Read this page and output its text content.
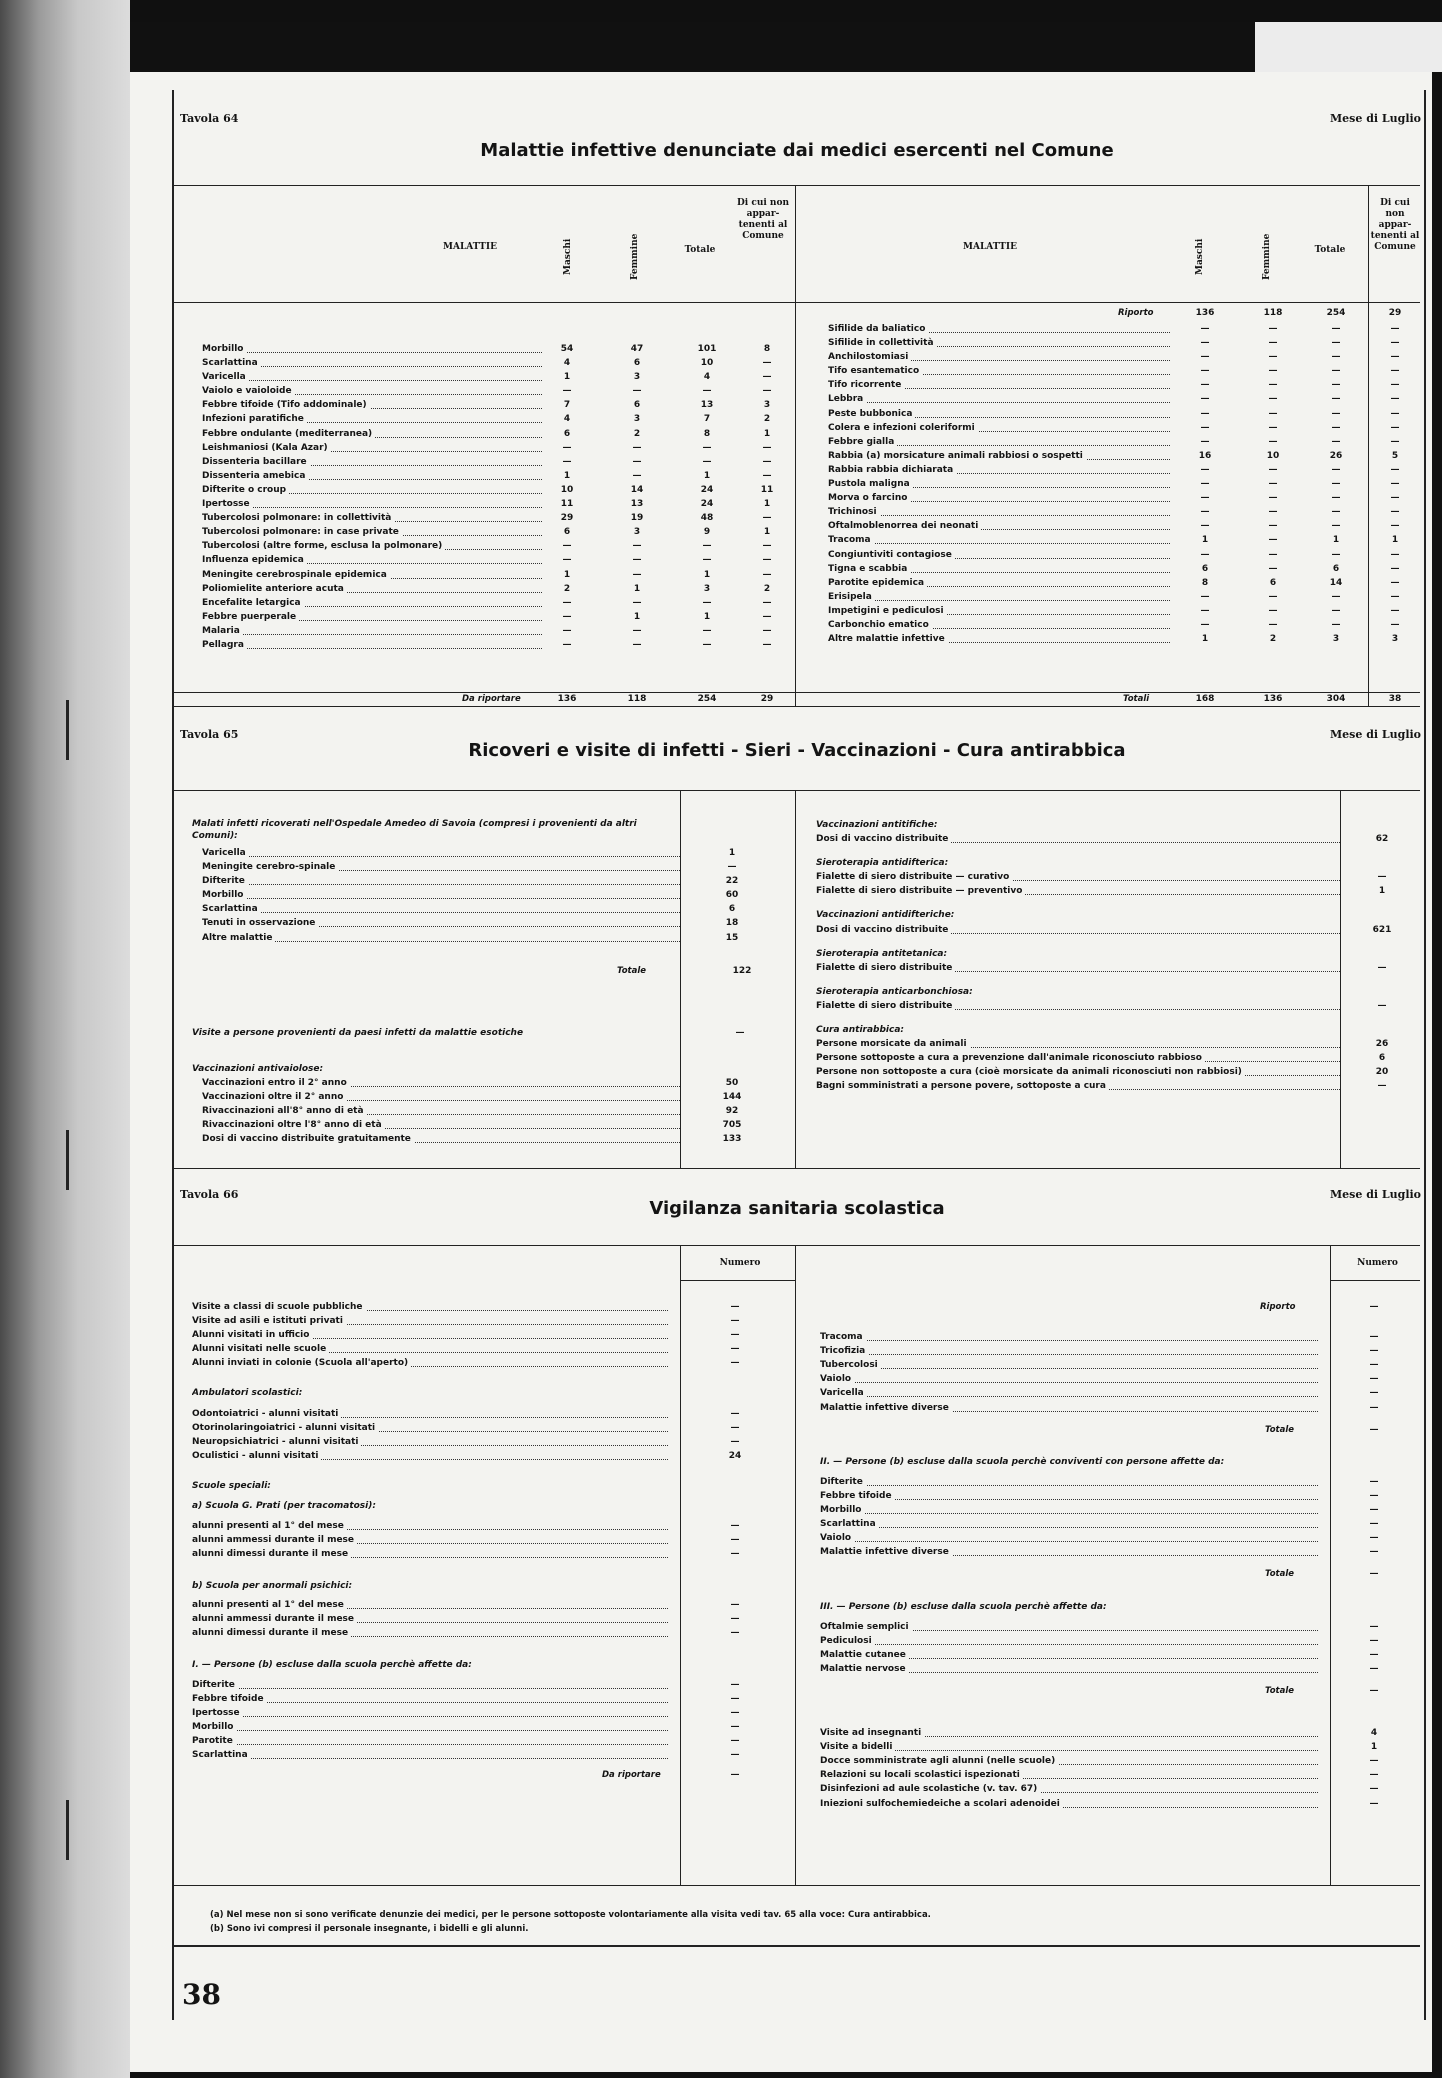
Tavola 64	Mese di Luglio
Malattie infettive denunciate dai medici esercenti nel Comune
MALATTIE	Maschi	Femmine	Totale
Di cui non appar- tenenti al Comune
MALATTIE	Maschi	Femmine	Totale
Di cui non appar- tenenti al Comune
Morbillo	54	47	101	8
Scarlattina	4	6	10	—
Varicella	1	3	4	—
Vaiolo e vaioloide	—	—	—	—
Febbre tifoide (Tifo addominale)	7	6	13	3
Infezioni paratifiche	4	3	7	2
Febbre ondulante (mediterranea)	6	2	8	1
Leishmaniosi (Kala Azar)	—	—	—	—
Dissenteria bacillare	—	—	—	—
Dissenteria amebica	1	—	1	—
Difterite o croup	10	14	24	11
Ipertosse	11	13	24	1
Tubercolosi polmonare: in collettività	29	19	48	—
Tubercolosi polmonare: in case private	6	3	9	1
Tubercolosi (altre forme, esclusa la polmonare)	—	—	—	—
Influenza epidemica	—	—	—	—
Meningite cerebrospinale epidemica	1	—	1	—
Poliomielite anteriore acuta	2	1	3	2
Encefalite letargica	—	—	—	—
Febbre puerperale	—	1	1	—
Malaria	—	—	—	—
Pellagra	—	—	—	—
Sifilide da baliatico	—	—	—	—
Sifilide in collettività	—	—	—	—
Anchilostomiasi	—	—	—	—
Tifo esantematico	—	—	—	—
Tifo ricorrente	—	—	—	—
Lebbra	—	—	—	—
Peste bubbonica	—	—	—	—
Colera e infezioni coleriformi	—	—	—	—
Febbre gialla	—	—	—	—
Rabbia (a) morsicature animali rabbiosi o sospetti	16	10	26	5
Rabbia rabbia dichiarata	—	—	—	—
Pustola maligna	—	—	—	—
Morva o farcino	—	—	—	—
Trichinosi	—	—	—	—
Oftalmoblenorrea dei neonati	—	—	—	—
Tracoma	1	—	1	1
Congiuntiviti contagiose	—	—	—	—
Tigna e scabbia	6	—	6	—
Parotite epidemica	8	6	14	—
Erisipela	—	—	—	—
Impetigini e pediculosi	—	—	—	—
Carbonchio ematico	—	—	—	—
Altre malattie infettive	1	2	3	3
Da riportare	136	118	254	29
Riporto	136	118	254	29
Totali	168	136	304	38
Tavola 65	Mese di Luglio
Ricoveri e visite di infetti - Sieri - Vaccinazioni - Cura antirabbica
Malati infetti ricoverati nell'Ospedale Amedeo di Savoia (compresi i provenienti da altri Comuni):
Varicella	1
Meningite cerebro-spinale	—
Difterite	22
Morbillo	60
Scarlattina	6
Tenuti in osservazione	18
Altre malattie	15
Totale	122
Visite a persone provenienti da paesi infetti da malattie esotiche	—
Vaccinazioni antivaiolose:
Vaccinazioni entro il 2° anno	50
Vaccinazioni oltre il 2° anno	144
Rivaccinazioni all'8° anno di età	92
Rivaccinazioni oltre l'8° anno di età	705
Dosi di vaccino distribuite gratuitamente	133
Vaccinazioni antitifiche:
Dosi di vaccino distribuite	62
Sieroterapia antidifterica:
Fialette di siero distribuite — curativo	—
Fialette di siero distribuite — preventivo	1
Vaccinazioni antidifteriche:
Dosi di vaccino distribuite	621
Sieroterapia antitetanica:
Fialette di siero distribuite	—
Sieroterapia anticarbonchiosa:
Fialette di siero distribuite	—
Cura antirabbica:
Persone morsicate da animali	26
Persone sottoposte a cura a prevenzione dall'animale riconosciuto rabbioso	6
Persone non sottoposte a cura (cioè morsicate da animali riconosciuti non rabbiosi)	20
Bagni somministrati a persone povere, sottoposte a cura	—
Tavola 66	Mese di Luglio
Vigilanza sanitaria scolastica
Numero	Numero
Visite a classi di scuole pubbliche	—
Visite ad asili e istituti privati	—
Alunni visitati in ufficio	—
Alunni visitati nelle scuole	—
Alunni inviati in colonie (Scuola all'aperto)	—
Ambulatori scolastici:
Odontoiatrici - alunni visitati	—
Otorinolaringoiatrici - alunni visitati	—
Neuropsichiatrici - alunni visitati	—
Oculistici - alunni visitati	24
Scuole speciali:
a) Scuola G. Prati (per tracomatosi):
alunni presenti al 1° del mese	—
alunni ammessi durante il mese	—
alunni dimessi durante il mese	—
b) Scuola per anormali psichici:
alunni presenti al 1° del mese	—
alunni ammessi durante il mese	—
alunni dimessi durante il mese	—
I. — Persone (b) escluse dalla scuola perchè affette da:
Difterite	—
Febbre tifoide	—
Ipertosse	—
Morbillo	—
Parotite	—
Scarlattina	—
Da riportare	—
Riporto	—
Tracoma	—
Tricofizia	—
Tubercolosi	—
Vaiolo	—
Varicella	—
Malattie infettive diverse	—
Totale	—
II. — Persone (b) escluse dalla scuola perchè conviventi con persone affette da:
Difterite	—
Febbre tifoide	—
Morbillo	—
Scarlattina	—
Vaiolo	—
Malattie infettive diverse	—
Totale	—
III. — Persone (b) escluse dalla scuola perchè affette da:
Oftalmie semplici	—
Pediculosi	—
Malattie cutanee	—
Malattie nervose	—
Totale	—
Visite ad insegnanti	4
Visite a bidelli	1
Docce somministrate agli alunni (nelle scuole)	—
Relazioni su locali scolastici ispezionati	—
Disinfezioni ad aule scolastiche (v. tav. 67)	—
Iniezioni sulfochemiedeiche a scolari adenoidei	—
(a) Nel mese non si sono verificate denunzie dei medici, per le persone sottoposte volontariamente alla visita vedi tav. 65 alla voce: Cura antirabbica.
(b) Sono ivi compresi il personale insegnante, i bidelli e gli alunni.
38
